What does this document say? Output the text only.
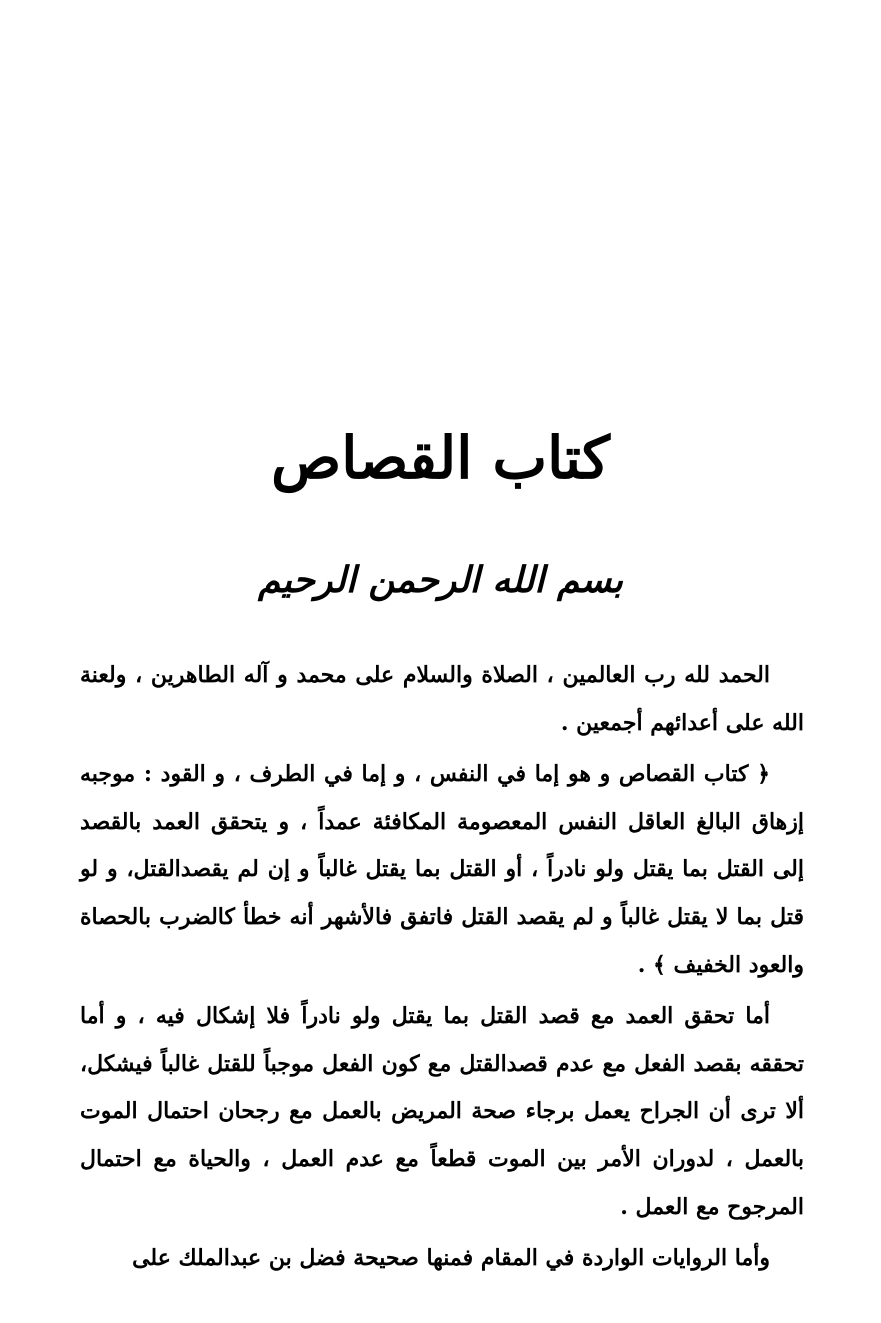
كتاب القصاص
بسم الله الرحمن الرحيم

الحمد لله رب العالمين ، الصلاة والسلام على محمد و آله الطاهرين ، ولعنة الله على أعدائهم أجمعين .

﴿ كتاب القصاص و هو إما في النفس ، و إما في الطرف ، و القود : موجبه إزهاق البالغ العاقل النفس المعصومة المكافئة عمداً ، و يتحقق العمد بالقصد إلى القتل بما يقتل ولو نادراً ، أو القتل بما يقتل غالباً و إن لم يقصدالقتل، و لو قتل بما لا يقتل غالباً و لم يقصد القتل فاتفق فالأشهر أنه خطأ كالضرب بالحصاة والعود الخفيف ﴾ .

أما تحقق العمد مع قصد القتل بما يقتل ولو نادراً فلا إشكال فيه ، و أما تحققه بقصد الفعل مع عدم قصدالقتل مع كون الفعل موجباً للقتل غالباً فيشكل، ألا ترى أن الجراح يعمل برجاء صحة المريض بالعمل مع رجحان احتمال الموت بالعمل ، لدوران الأمر بين الموت قطعاً مع عدم العمل ، والحياة مع احتمال المرجوح مع العمل .

وأما الروايات الواردة في المقام فمنها صحيحة فضل بن عبدالملك على
